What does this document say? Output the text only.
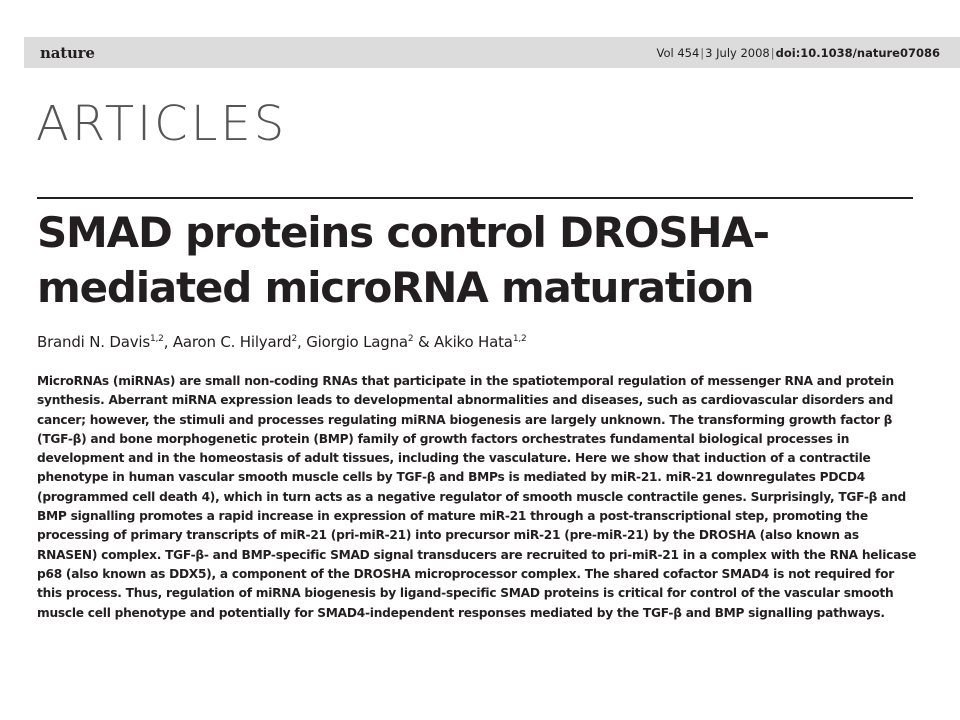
nature	Vol 454|3 July 2008|doi:10.1038/nature07086
ARTICLES
SMAD proteins control DROSHA-mediated microRNA maturation
Brandi N. Davis$^{1,2}$, Aaron C. Hilyard$^2$, Giorgio Lagna$^2$ & Akiko Hata$^{1,2}$

MicroRNAs (miRNAs) are small non-coding RNAs that participate in the spatiotemporal regulation of messenger RNA and protein synthesis. Aberrant miRNA expression leads to developmental abnormalities and diseases, such as cardiovascular disorders and cancer; however, the stimuli and processes regulating miRNA biogenesis are largely unknown. The transforming growth factor β (TGF-β) and bone morphogenetic protein (BMP) family of growth factors orchestrates fundamental biological processes in development and in the homeostasis of adult tissues, including the vasculature. Here we show that induction of a contractile phenotype in human vascular smooth muscle cells by TGF-β and BMPs is mediated by miR-21. miR-21 downregulates PDCD4 (programmed cell death 4), which in turn acts as a negative regulator of smooth muscle contractile genes. Surprisingly, TGF-β and BMP signalling promotes a rapid increase in expression of mature miR-21 through a post-transcriptional step, promoting the processing of primary transcripts of miR-21 (pri-miR-21) into precursor miR-21 (pre-miR-21) by the DROSHA (also known as RNASEN) complex. TGF-β- and BMP-specific SMAD signal transducers are recruited to pri-miR-21 in a complex with the RNA helicase p68 (also known as DDX5), a component of the DROSHA microprocessor complex. The shared cofactor SMAD4 is not required for this process. Thus, regulation of miRNA biogenesis by ligand-specific SMAD proteins is critical for control of the vascular smooth muscle cell phenotype and potentially for SMAD4-independent responses mediated by the TGF-β and BMP signalling pathways.
